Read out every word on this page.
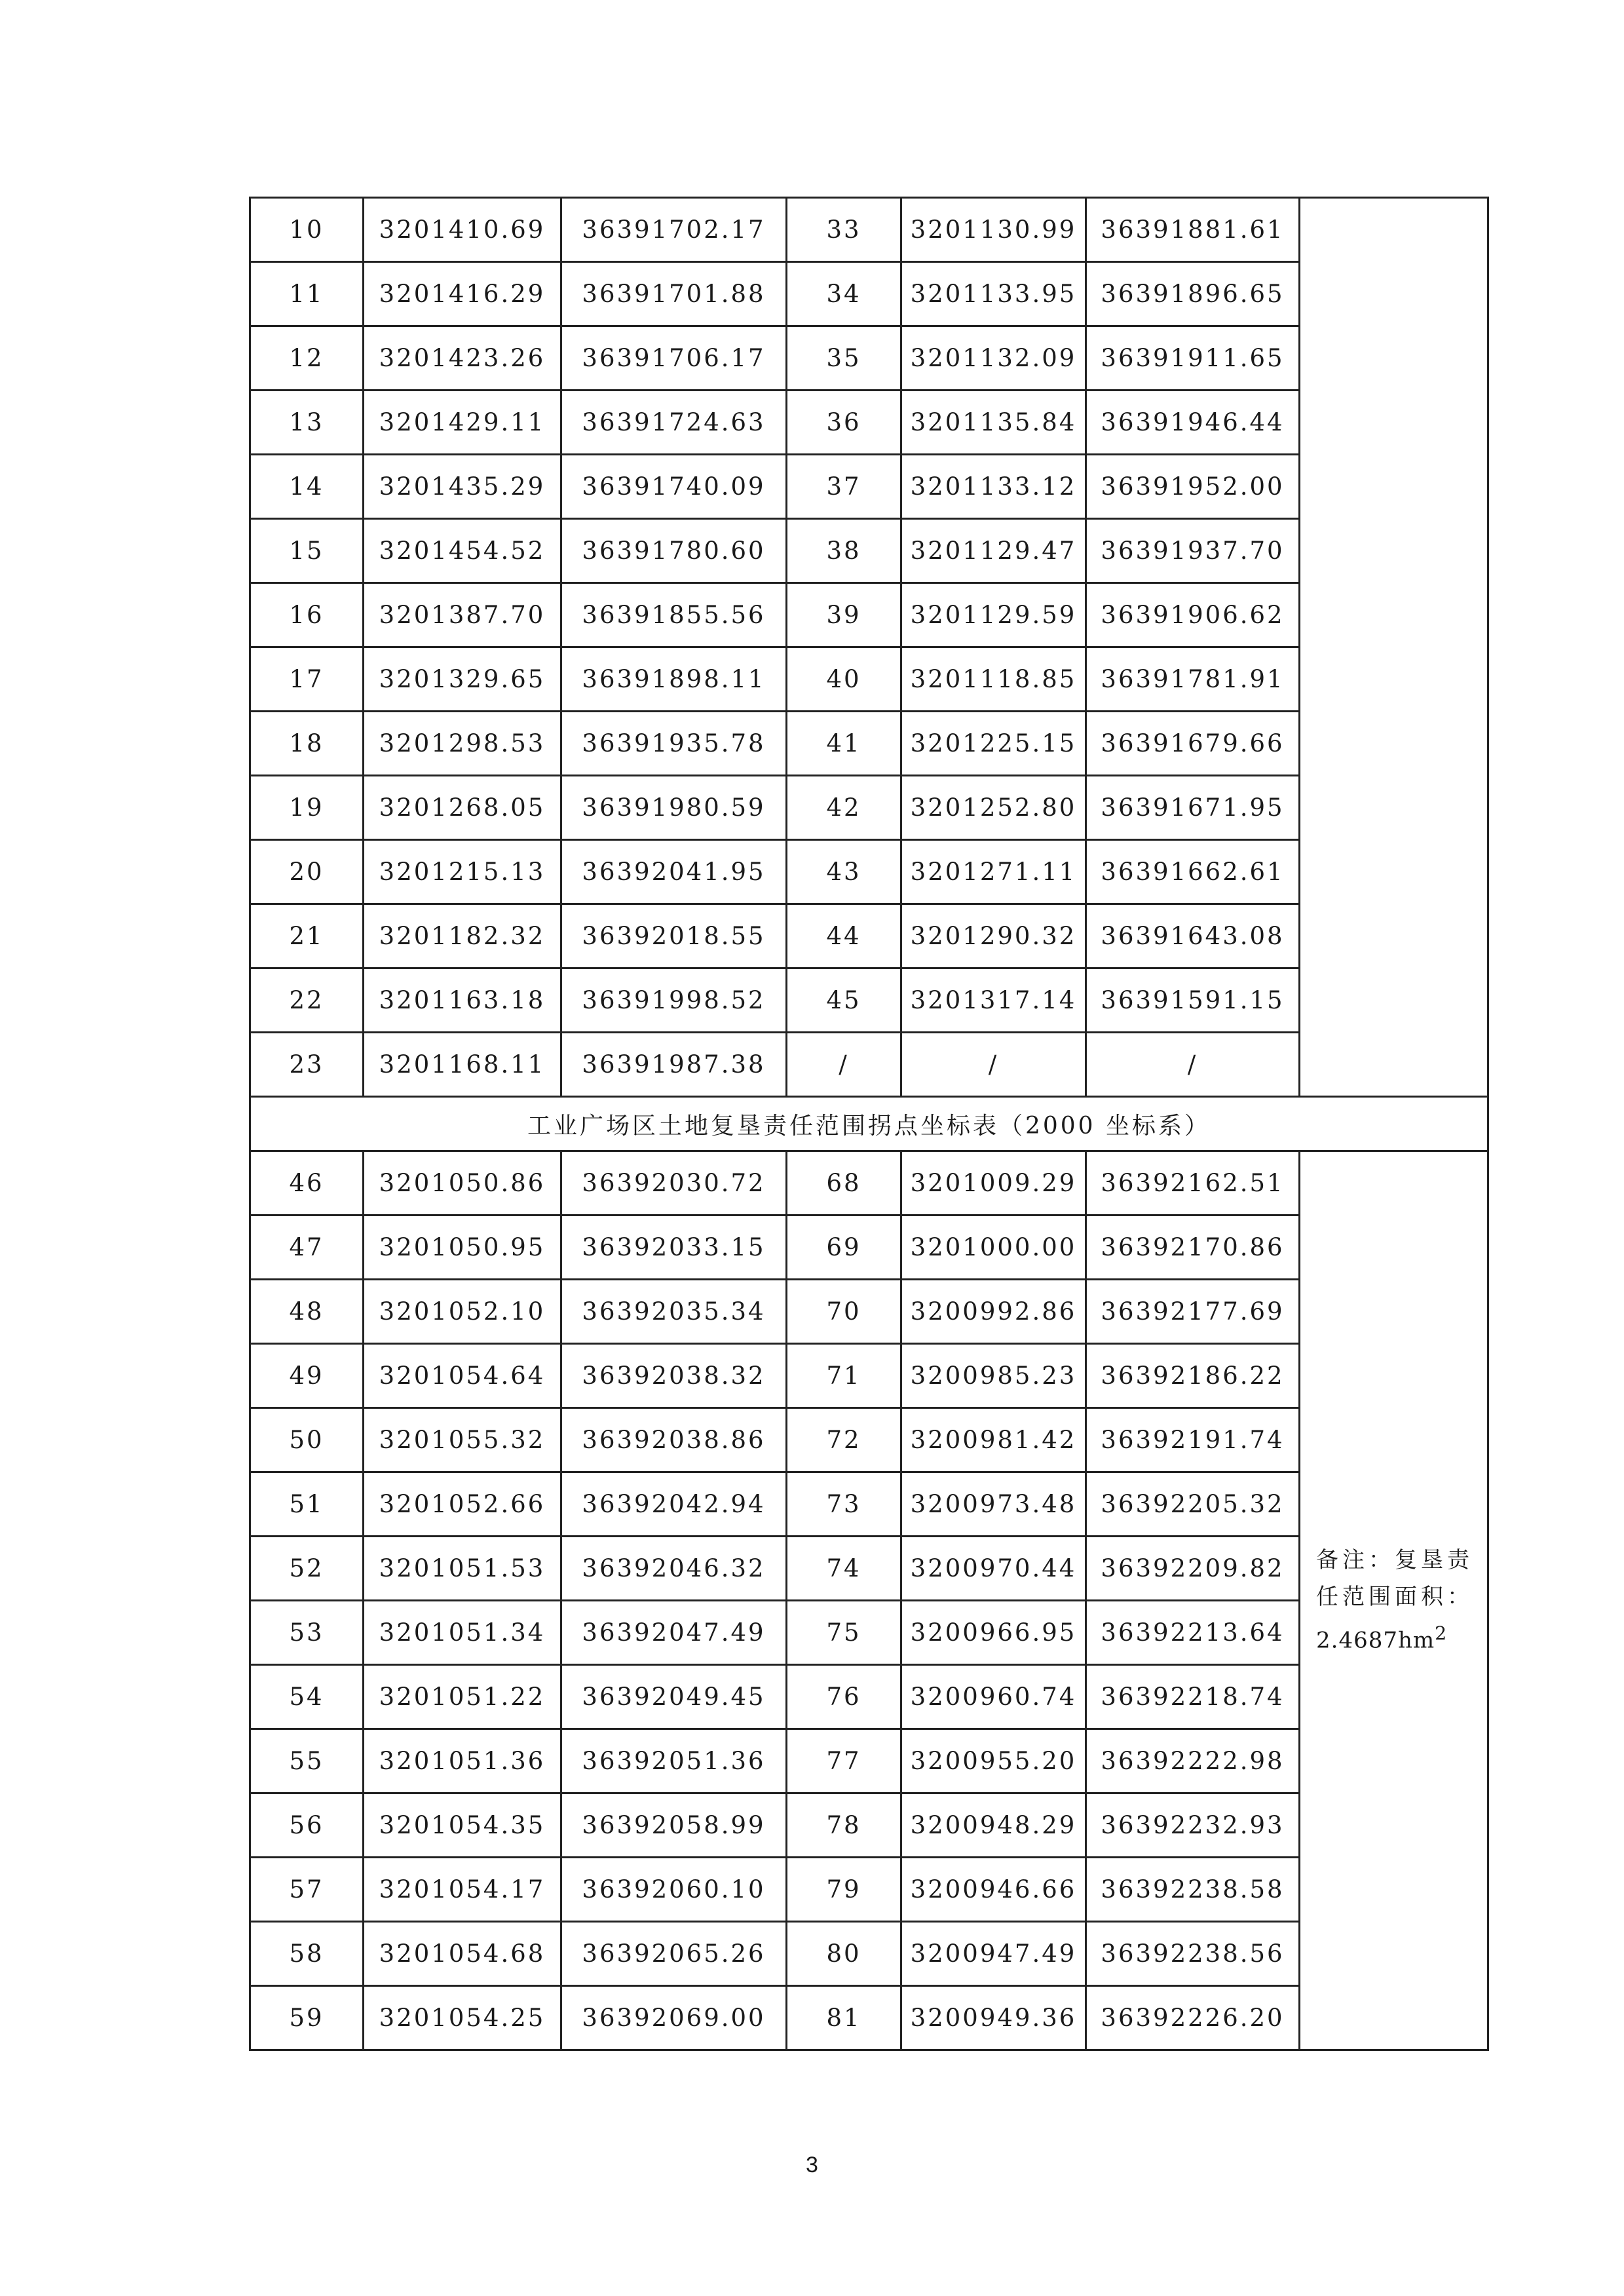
10	3201410.69	36391702.17	33	3201130.99	36391881.61	
11	3201416.29	36391701.88	34	3201133.95	36391896.65	
12	3201423.26	36391706.17	35	3201132.09	36391911.65	
13	3201429.11	36391724.63	36	3201135.84	36391946.44	
14	3201435.29	36391740.09	37	3201133.12	36391952.00	
15	3201454.52	36391780.60	38	3201129.47	36391937.70	
16	3201387.70	36391855.56	39	3201129.59	36391906.62	
17	3201329.65	36391898.11	40	3201118.85	36391781.91	
18	3201298.53	36391935.78	41	3201225.15	36391679.66	
19	3201268.05	36391980.59	42	3201252.80	36391671.95	
20	3201215.13	36392041.95	43	3201271.11	36391662.61	
21	3201182.32	36392018.55	44	3201290.32	36391643.08	
22	3201163.18	36391998.52	45	3201317.14	36391591.15	
23	3201168.11	36391987.38	/	/	/	
工业广场区土地复垦责任范围拐点坐标表（2000 坐标系）						
46	3201050.86	36392030.72	68	3201009.29	36392162.51	备注：复垦责任范围面积：
$2.4687hm^2$
47	3201050.95	36392033.15	69	3201000.00	36392170.86	
48	3201052.10	36392035.34	70	3200992.86	36392177.69	
49	3201054.64	36392038.32	71	3200985.23	36392186.22	
50	3201055.32	36392038.86	72	3200981.42	36392191.74	
51	3201052.66	36392042.94	73	3200973.48	36392205.32	
52	3201051.53	36392046.32	74	3200970.44	36392209.82	
53	3201051.34	36392047.49	75	3200966.95	36392213.64	
54	3201051.22	36392049.45	76	3200960.74	36392218.74	
55	3201051.36	36392051.36	77	3200955.20	36392222.98	
56	3201054.35	36392058.99	78	3200948.29	36392232.93	
57	3201054.17	36392060.10	79	3200946.66	36392238.58	
58	3201054.68	36392065.26	80	3200947.49	36392238.56	
59	3201054.25	36392069.00	81	3200949.36	36392226.20	
3
